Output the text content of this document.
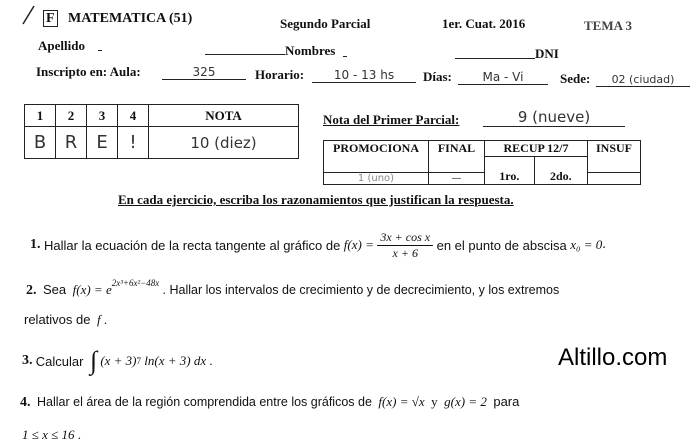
F MATEMATICA (51)	Segundo Parcial	1er. Cuat. 2016	TEMA 3
Apellido	Nombres	DNI
Inscripto en: Aula:	325	Horario:	10 - 13 hs	Días:	Ma - Vi	Sede:	02 (ciudad)
1	2	3	4	NOTA
B	R	E	!	10 (diez)
Nota del Primer Parcial:	9 (nueve)
PROMOCIONA	FINAL	RECUP 12/7		INSUF
		1ro.	2do.	
1 (uno)	—			
En cada ejercicio, escriba los razonamientos que justifican la respuesta.
1.
Hallar la ecuación de la recta tangente al gráfico de
f(x) =
$\frac{\text{3x + cos x}}{x + 6}$
en el punto de abscisa
x₀ = 0 .
2. Sea $f(x) = e^{2x^3+6x^2-48x}$ . Hallar los intervalos de crecimiento y de decrecimiento, y los extremos
relativos de f .
3.
Calcular
∫
(x + 3) 7
ln(x + 3) dx
.	Altillo.com
4. Hallar el área de la región comprendida entre los gráficos de f(x) = √x y g(x) = 2 para
1 ≤ x ≤ 16 .
